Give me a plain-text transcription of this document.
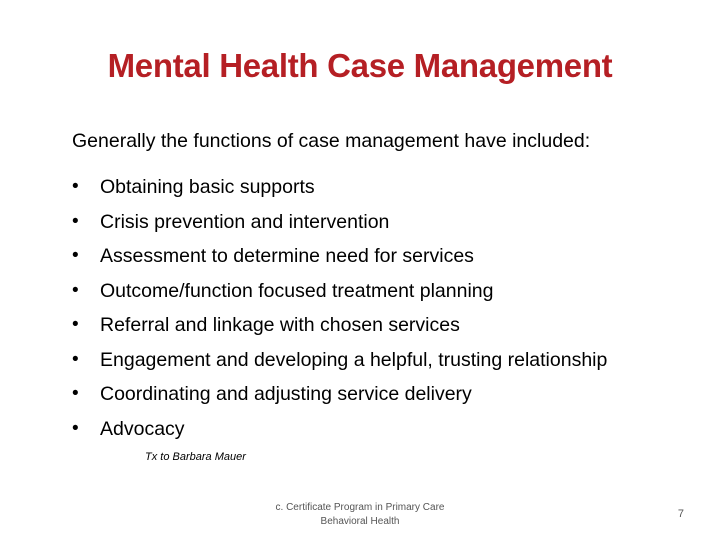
Mental Health Case Management
Generally the functions of case management have included:
•	Obtaining basic supports
•	Crisis prevention and intervention
•	Assessment to determine need for services
•	Outcome/function focused treatment planning
•	Referral and linkage with chosen services
•	Engagement and developing a helpful, trusting relationship
•	Coordinating and adjusting service delivery
•	Advocacy
Tx to Barbara Mauer
c. Certificate Program in Primary Care
Behavioral Health
7
